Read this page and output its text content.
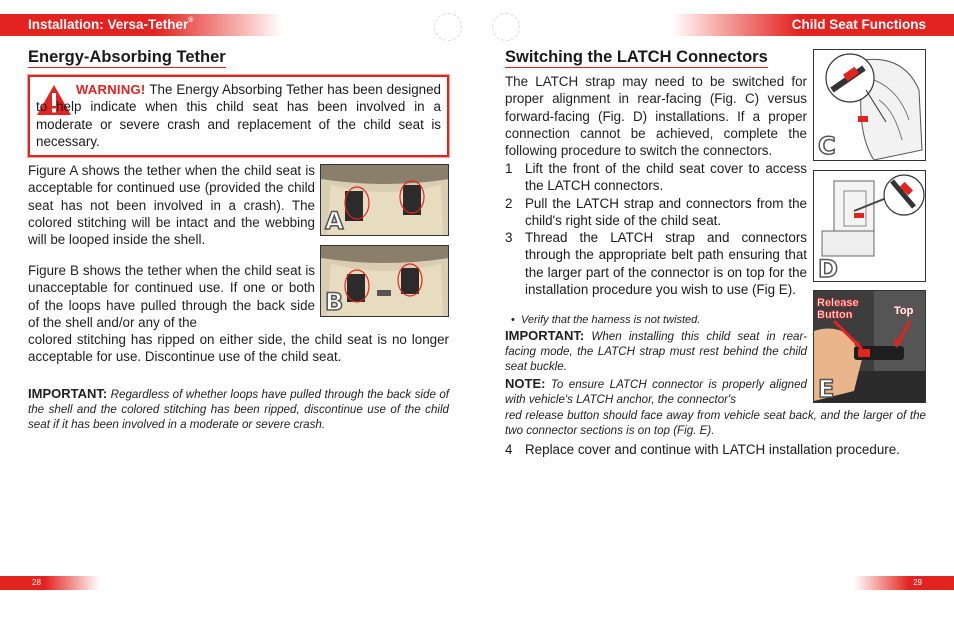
Installation: Versa-Tether®	Child Seat Functions
Energy-Absorbing Tether
WARNING! The Energy Absorbing Tether has been designed to help indicate when this child seat has been involved in a moderate or severe crash and replacement of the child seat is necessary.
Figure A shows the tether when the child seat is acceptable for continued use (provided the child seat has not been involved in a crash). The colored stitching will be intact and the webbing will be looped inside the shell.
A
Figure B shows the tether when the child seat is unacceptable for continued use. If one or both of the loops have pulled through the back side of the shell and/or any of the
B
colored stitching has ripped on either side, the child seat is no longer acceptable for use. Discontinue use of the child seat.
IMPORTANT: Regardless of whether loops have pulled through the back side of the shell and the colored stitching has been ripped, discontinue use of the child seat if it has been involved in a moderate or severe crash.
Switching the LATCH Connectors
The LATCH strap may need to be switched for proper alignment in rear-facing (Fig. C) versus forward-facing (Fig. D) installations. If a proper connection cannot be achieved, complete the following procedure to switch the connectors.
1 Lift the front of the child seat cover to access the LATCH connectors.
2 Pull the LATCH strap and connectors from the child's right side of the child seat.
3 Thread the LATCH strap and connectors through the appropriate belt path ensuring that the larger part of the connector is on top for the installation procedure you wish to use (Fig E).
•  Verify that the harness is not twisted.
IMPORTANT: When installing this child seat in rear-facing mode, the LATCH strap must rest behind the child seat buckle.
NOTE: To ensure LATCH connector is properly aligned with vehicle's LATCH anchor, the connector's
red release button should face away from vehicle seat back, and the larger of the two connector sections is on top (Fig. E).
4 Replace cover and continue with LATCH installation procedure.
C
D
Release Button	Top
E
28	29
